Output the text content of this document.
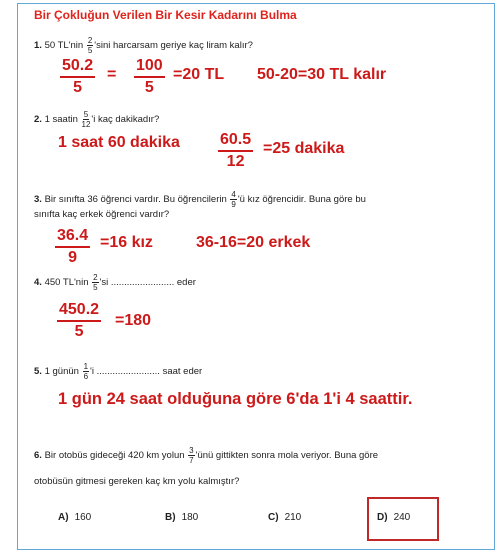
Bir Çokluğun Verilen Bir Kesir Kadarını Bulma
1. 50 $TL'nin \frac{2}{5}$ 'sini harcarsam geriye kaç liram kalır?
50.2
5
=
100
5
=20 TL 50-20=30 TL kalır
2. 1 saatin $\frac{5}{12}$ 'i kaç dakikadır?
1 saat 60 dakika	60.5
12
=25 dakika
3. Bir sınıfta 36 öğrenci vardır. Bu öğrencilerin $\frac{4}{9}$ 'ü kız öğrencidir. Buna göre bu
sınıfta kaç erkek öğrenci vardır?
36.4
9
=16 kız	36-16=20 erkek
4. 450 $TL'nin \frac{2}{5}$ 'si ........................ eder
450.2
5
=180
5. 1 günün $\frac{1}{6}$ 'i ........................ saat eder
1 gün 24 saat olduğuna göre 6'da 1'i 4 saattir.
6. Bir otobüs gideceği 420 km yolun $\frac{3}{7}$ 'ünü gittikten sonra mola veriyor. Buna göre
otobüsün gitmesi gereken kaç km yolu kalmıştır?
A) 160	B) 180	C) 210	D) 240
